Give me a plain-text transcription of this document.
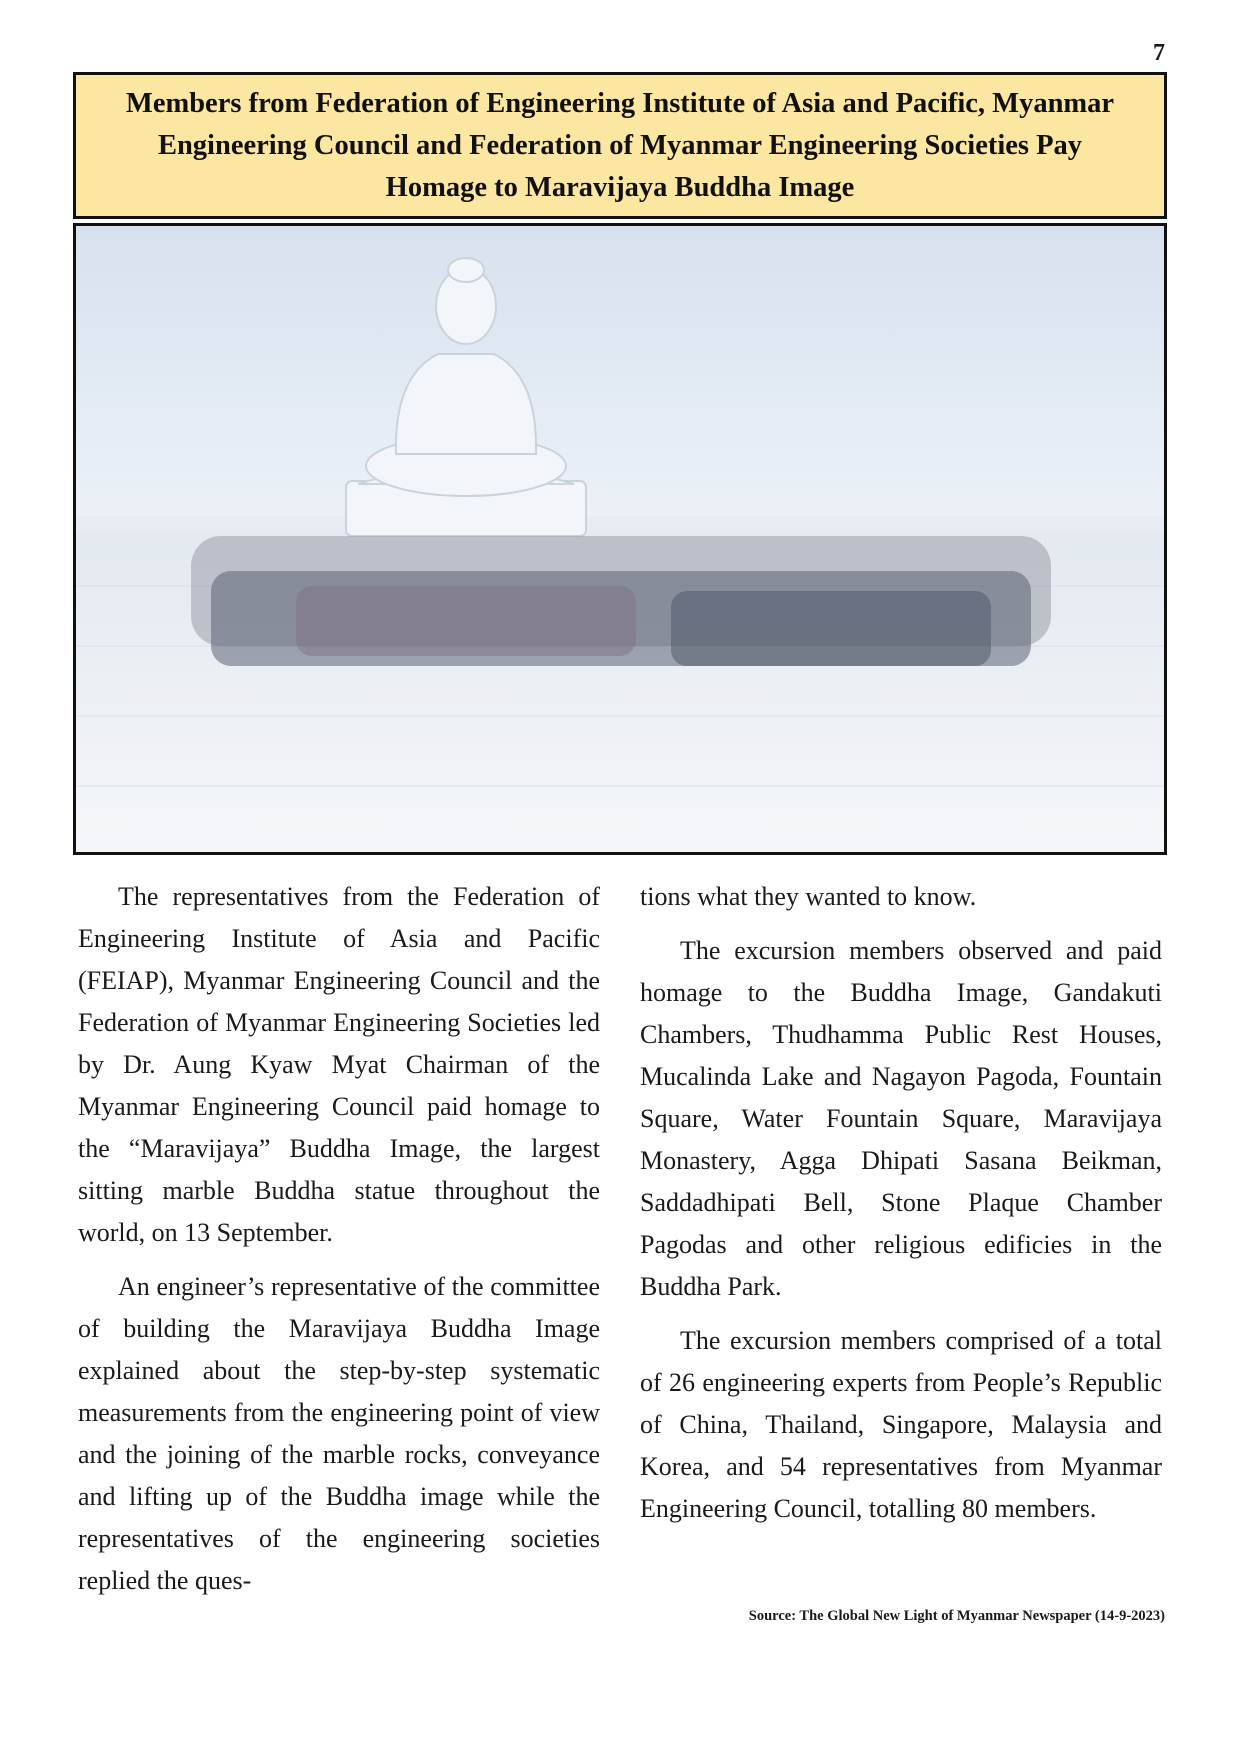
7
Members from Federation of Engineering Institute of Asia and Pacific, Myanmar Engineering Council and Federation of Myanmar Engineering Societies Pay Homage to Maravijaya Buddha Image

The representatives from the Federation of Engineering Institute of Asia and Pacific (FEIAP), Myanmar Engineering Council and the Federation of Myanmar Engineering Societies led by Dr. Aung Kyaw Myat Chairman of the Myanmar Engineering Council paid homage to the “Maravijaya” Buddha Image, the largest sitting marble Buddha statue throughout the world, on 13 September.

An engineer’s representative of the committee of building the Maravijaya Buddha Image explained about the step-by-step systematic measurements from the engineering point of view and the joining of the marble rocks, conveyance and lifting up of the Buddha image while the representatives of the engineering societies replied the ques-

tions what they wanted to know.

The excursion members observed and paid homage to the Buddha Image, Gandakuti Chambers, Thudhamma Public Rest Houses, Mucalinda Lake and Nagayon Pagoda, Fountain Square, Water Fountain Square, Maravijaya Monastery, Agga Dhipati Sasana Beikman, Saddadhipati Bell, Stone Plaque Chamber Pagodas and other religious edificies in the Buddha Park.

The excursion members comprised of a total of 26 engineering experts from People’s Republic of China, Thailand, Singapore, Malaysia and Korea, and 54 representatives from Myanmar Engineering Council, totalling 80 members.

Source: The Global New Light of Myanmar Newspaper (14-9-2023)
